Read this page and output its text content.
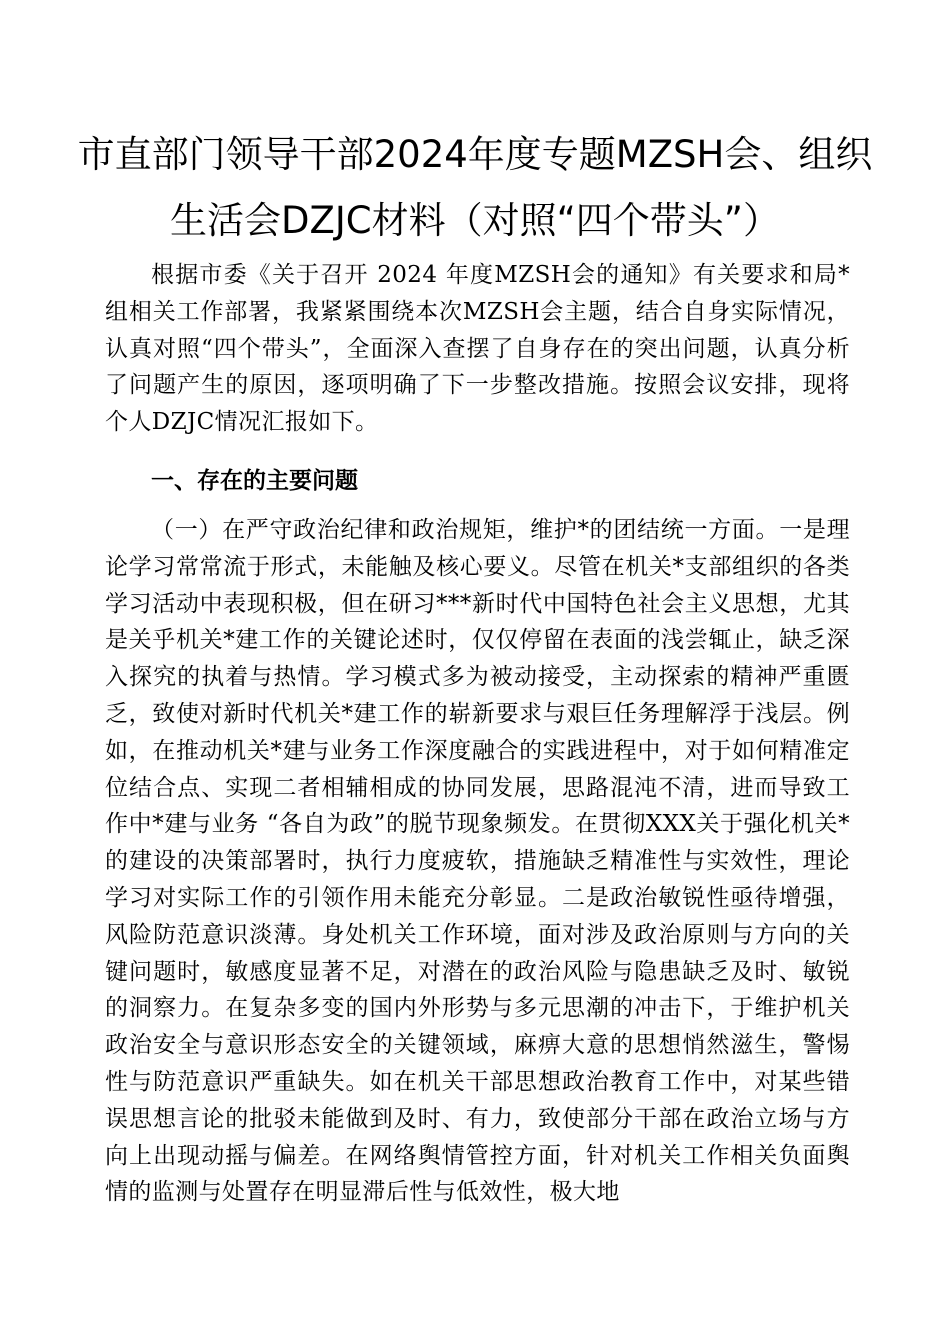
市直部门领导干部2024年度专题MZSH会、组织
生活会DZJC材料（对照“四个带头”）

根据市委《关于召开 2024 年度MZSH会的通知》有关要求和局*组相关工作部署，我紧紧围绕本次MZSH会主题，结合自身实际情况，认真对照“四个带头”，全面深入查摆了自身存在的突出问题，认真分析了问题产生的原因，逐项明确了下一步整改措施。按照会议安排，现将个人DZJC情况汇报如下。

一、存在的主要问题

（一）在严守政治纪律和政治规矩，维护*的团结统一方面。一是理论学习常常流于形式，未能触及核心要义。尽管在机关*支部组织的各类学习活动中表现积极，但在研习***新时代中国特色社会主义思想，尤其是关乎机关*建工作的关键论述时，仅仅停留在表面的浅尝辄止，缺乏深入探究的执着与热情。学习模式多为被动接受，主动探索的精神严重匮乏，致使对新时代机关*建工作的崭新要求与艰巨任务理解浮于浅层。例如，在推动机关*建与业务工作深度融合的实践进程中，对于如何精准定位结合点、实现二者相辅相成的协同发展，思路混沌不清，进而导致工作中*建与业务 “各自为政”的脱节现象频发。在贯彻XXX关于强化机关*的建设的决策部署时，执行力度疲软，措施缺乏精准性与实效性，理论学习对实际工作的引领作用未能充分彰显。二是政治敏锐性亟待增强，风险防范意识淡薄。身处机关工作环境，面对涉及政治原则与方向的关键问题时，敏感度显著不足，对潜在的政治风险与隐患缺乏及时、敏锐的洞察力。在复杂多变的国内外形势与多元思潮的冲击下，于维护机关政治安全与意识形态安全的关键领域，麻痹大意的思想悄然滋生，警惕性与防范意识严重缺失。如在机关干部思想政治教育工作中，对某些错误思想言论的批驳未能做到及时、有力，致使部分干部在政治立场与方向上出现动摇与偏差。在网络舆情管控方面，针对机关工作相关负面舆情的监测与处置存在明显滞后性与低效性，极大地
